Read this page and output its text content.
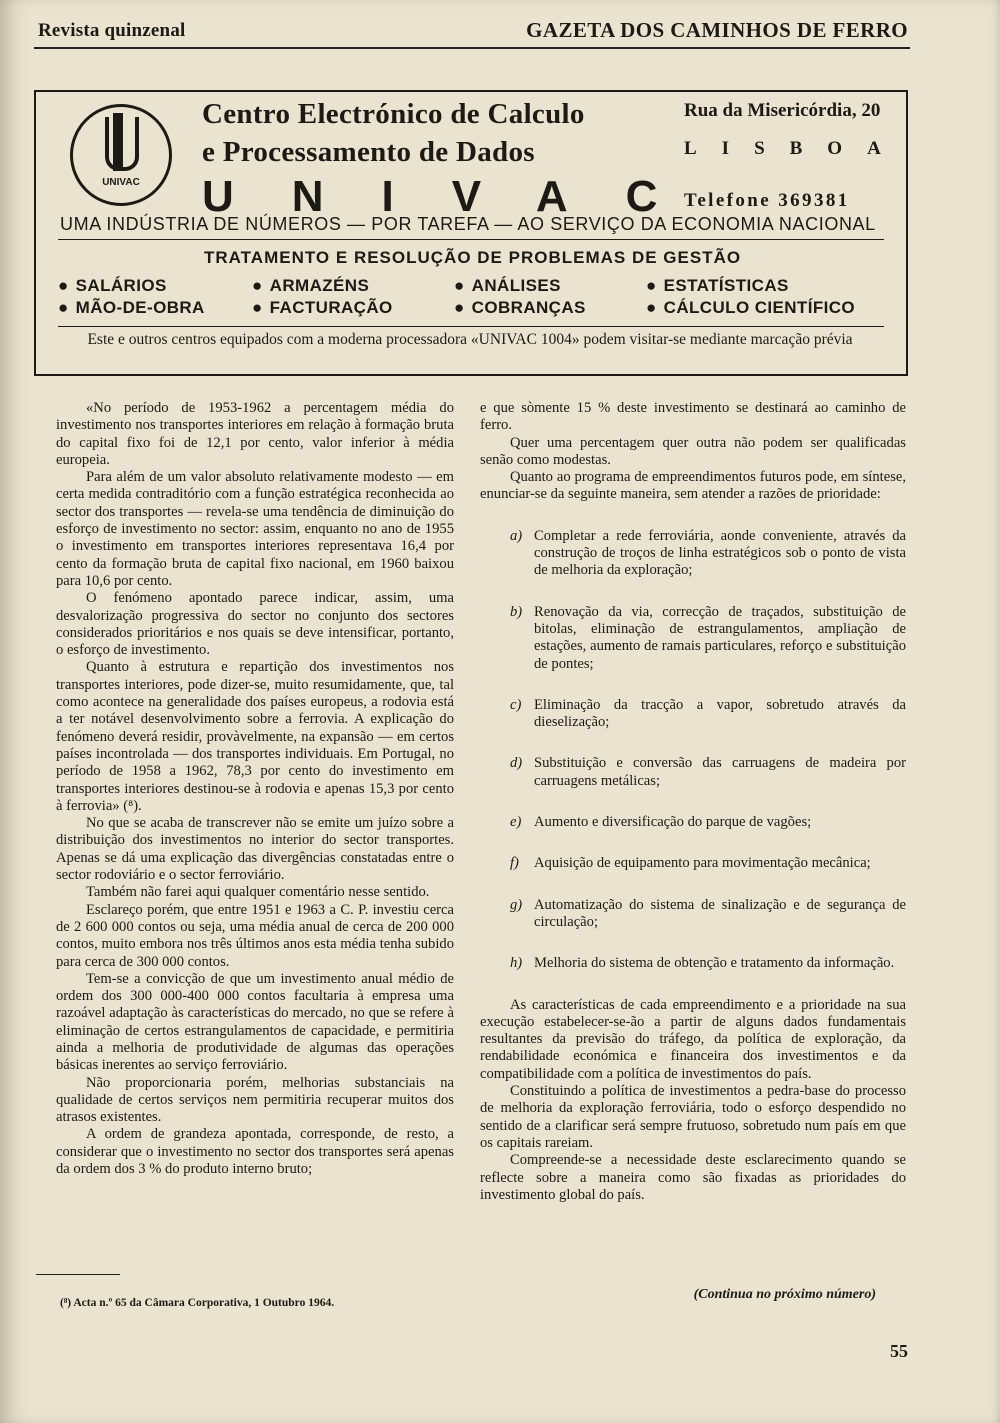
Revista quinzenal	GAZETA DOS CAMINHOS DE FERRO
UNIVAC
Centro Electrónico de Calculo
e Processamento de Dados
UNIVAC
Rua da Misericórdia, 20
LISBOA
Telefone 369381
UMA INDÚSTRIA DE NÚMEROS — POR TAREFA — AO SERVIÇO DA ECONOMIA NACIONAL
TRATAMENTO E RESOLUÇÃO DE PROBLEMAS DE GESTÃO
● SALÁRIOS	● ARMAZÉNS	● ANÁLISES	● ESTATÍSTICAS
● MÃO-DE-OBRA	● FACTURAÇÃO	● COBRANÇAS	● CÁLCULO CIENTÍFICO
Este e outros centros equipados com a moderna processadora «UNIVAC 1004» podem visitar-se mediante marcação prévia

«No período de 1953-1962 a percentagem média do investimento nos transportes interiores em relação à formação bruta do capital fixo foi de 12,1 por cento, valor inferior à média europeia.

Para além de um valor absoluto relativamente modesto — em certa medida contraditório com a função estratégica reconhecida ao sector dos transportes — revela-se uma tendência de diminuição do esforço de investimento no sector: assim, enquanto no ano de 1955 o investimento em transportes interiores representava 16,4 por cento da formação bruta de capital fixo nacional, em 1960 baixou para 10,6 por cento.

O fenómeno apontado parece indicar, assim, uma desvalorização progressiva do sector no conjunto dos sectores considerados prioritários e nos quais se deve intensificar, portanto, o esforço de investimento.

Quanto à estrutura e repartição dos investimentos nos transportes interiores, pode dizer-se, muito resumidamente, que, tal como acontece na generalidade dos países europeus, a rodovia está a ter notável desenvolvimento sobre a ferrovia. A explicação do fenómeno deverá residir, provàvelmente, na expansão — em certos países incontrolada — dos transportes individuais. Em Portugal, no período de 1958 a 1962, 78,3 por cento do investimento em transportes interiores destinou-se à rodovia e apenas 15,3 por cento à ferrovia» (⁸).

No que se acaba de transcrever não se emite um juízo sobre a distribuição dos investimentos no interior do sector transportes. Apenas se dá uma explicação das divergências constatadas entre o sector rodoviário e o sector ferroviário.

Também não farei aqui qualquer comentário nesse sentido.

Esclareço porém, que entre 1951 e 1963 a C. P. investiu cerca de 2 600 000 contos ou seja, uma média anual de cerca de 200 000 contos, muito embora nos três últimos anos esta média tenha subido para cerca de 300 000 contos.

Tem-se a convicção de que um investimento anual médio de ordem dos 300 000-400 000 contos facultaria à empresa uma razoável adaptação às características do mercado, no que se refere à eliminação de certos estrangulamentos de capacidade, e permitiria ainda a melhoria de produtividade de algumas das operações básicas inerentes ao serviço ferroviário.

Não proporcionaria porém, melhorias substanciais na qualidade de certos serviços nem permitiria recuperar muitos dos atrasos existentes.

A ordem de grandeza apontada, corresponde, de resto, a considerar que o investimento no sector dos transportes será apenas da ordem dos 3 % do produto interno bruto;

e que sòmente 15 % deste investimento se destinará ao caminho de ferro.

Quer uma percentagem quer outra não podem ser qualificadas senão como modestas.

Quanto ao programa de empreendimentos futuros pode, em síntese, enunciar-se da seguinte maneira, sem atender a razões de prioridade:

a) Completar a rede ferroviária, aonde conveniente, através da construção de troços de linha estratégicos sob o ponto de vista de melhoria da exploração;
b) Renovação da via, correcção de traçados, substituição de bitolas, eliminação de estrangulamentos, ampliação de estações, aumento de ramais particulares, reforço e substituição de pontes;
c) Eliminação da tracção a vapor, sobretudo através da dieselização;
d) Substituição e conversão das carruagens de madeira por carruagens metálicas;
e) Aumento e diversificação do parque de vagões;
f) Aquisição de equipamento para movimentação mecânica;
g) Automatização do sistema de sinalização e de segurança de circulação;
h) Melhoria do sistema de obtenção e tratamento da informação.

As características de cada empreendimento e a prioridade na sua execução estabelecer-se-ão a partir de alguns dados fundamentais resultantes da previsão do tráfego, da política de exploração, da rendabilidade económica e financeira dos investimentos e da compatibilidade com a política de investimentos do país.

Constituindo a política de investimentos a pedra-base do processo de melhoria da exploração ferroviária, todo o esforço despendido no sentido de a clarificar será sempre frutuoso, sobretudo num país em que os capitais rareiam.

Compreende-se a necessidade deste esclarecimento quando se reflecte sobre a maneira como são fixadas as prioridades do investimento global do país.

(⁸) Acta n.º 65 da Câmara Corporativa, 1 Outubro 1964.
(Continua no próximo número)
55
